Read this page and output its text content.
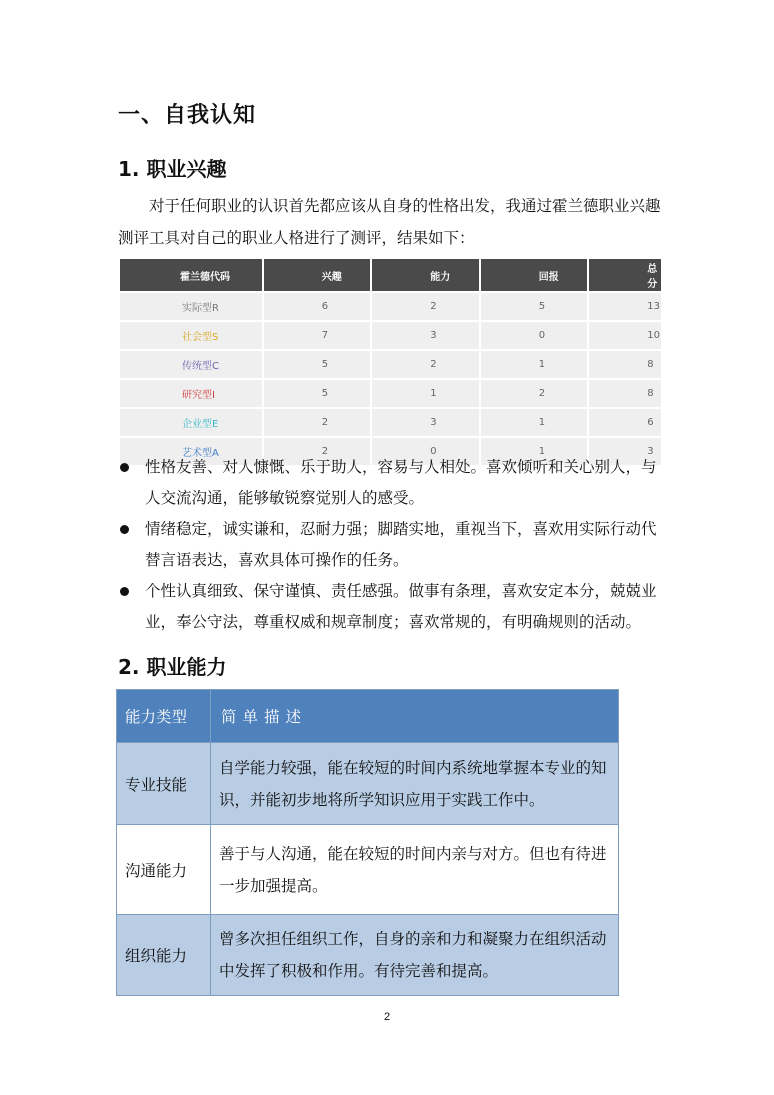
一、自我认知
1. 职业兴趣
对于任何职业的认识首先都应该从自身的性格出发，我通过霍兰德职业兴趣测评工具对自己的职业人格进行了测评，结果如下：
霍兰德代码	兴趣	能力	回报	总分
实际型R	6	2	5	13
社会型S	7	3	0	10
传统型C	5	2	1	8
研究型I	5	1	2	8
企业型E	2	3	1	6
艺术型A	2	0	1	3
性格友善、对人慷慨、乐于助人，容易与人相处。喜欢倾听和关心别人，与人交流沟通，能够敏锐察觉别人的感受。
情绪稳定，诚实谦和，忍耐力强；脚踏实地，重视当下，喜欢用实际行动代替言语表达，喜欢具体可操作的任务。
个性认真细致、保守谨慎、责任感强。做事有条理，喜欢安定本分，兢兢业业，奉公守法，尊重权威和规章制度；喜欢常规的，有明确规则的活动。
2. 职业能力
能力类型	简单描述
专业技能	自学能力较强，能在较短的时间内系统地掌握本专业的知识，并能初步地将所学知识应用于实践工作中。
沟通能力	善于与人沟通，能在较短的时间内亲与对方。但也有待进一步加强提高。
组织能力	曾多次担任组织工作，自身的亲和力和凝聚力在组织活动中发挥了积极和作用。有待完善和提高。
2
